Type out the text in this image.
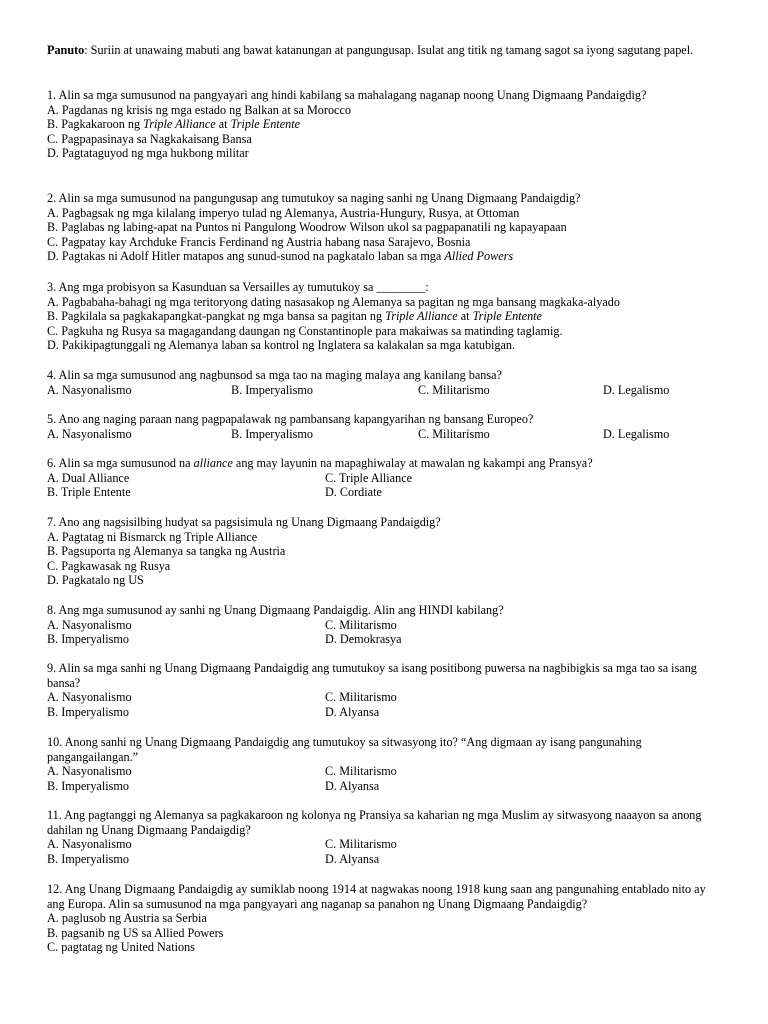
Panuto: Suriin at unawaing mabuti ang bawat katanungan at pangungusap. Isulat ang titik ng tamang sagot sa iyong sagutang papel.
1. Alin sa mga sumusunod na pangyayari ang hindi kabilang sa mahalagang naganap noong Unang Digmaang Pandaigdig?
A. Pagdanas ng krisis ng mga estado ng Balkan at sa Morocco
B. Pagkakaroon ng Triple Alliance at Triple Entente
C. Pagpapasinaya sa Nagkakaisang Bansa
D. Pagtataguyod ng mga hukbong militar
2. Alin sa mga sumusunod na pangungusap ang tumutukoy sa naging sanhi ng Unang Digmaang Pandaigdig?
A. Pagbagsak ng mga kilalang imperyo tulad ng Alemanya, Austria-Hungury, Rusya, at Ottoman
B. Paglabas ng labing-apat na Puntos ni Pangulong Woodrow Wilson ukol sa pagpapanatili ng kapayapaan
C. Pagpatay kay Archduke Francis Ferdinand ng Austria habang nasa Sarajevo, Bosnia
D. Pagtakas ni Adolf Hitler matapos ang sunud-sunod na pagkatalo laban sa mga Allied Powers
3. Ang mga probisyon sa Kasunduan sa Versailles ay tumutukoy sa ________:
A. Pagbabaha-bahagi ng mga teritoryong dating nasasakop ng Alemanya sa pagitan ng mga bansang magkaka-alyado
B. Pagkilala sa pagkakapangkat-pangkat ng mga bansa sa pagitan ng Triple Alliance at Triple Entente
C. Pagkuha ng Rusya sa magagandang daungan ng Constantinople para makaiwas sa matinding taglamig.
D. Pakikipagtunggali ng Alemanya laban sa kontrol ng Inglatera sa kalakalan sa mga katubigan.
4. Alin sa mga sumusunod ang nagbunsod sa mga tao na maging malaya ang kanilang bansa?
A. Nasyonalismo	B. Imperyalismo	C. Militarismo	D. Legalismo
5. Ano ang naging paraan nang pagpapalawak ng pambansang kapangyarihan ng bansang Europeo?
A. Nasyonalismo	B. Imperyalismo	C. Militarismo	D. Legalismo
6. Alin sa mga sumusunod na alliance ang may layunin na mapaghiwalay at mawalan ng kakampi ang Pransya?
A. Dual Alliance	C. Triple Alliance
B. Triple Entente	D. Cordiate
7. Ano ang nagsisilbing hudyat sa pagsisimula ng Unang Digmaang Pandaigdig?
A. Pagtatag ni Bismarck ng Triple Alliance
B. Pagsuporta ng Alemanya sa tangka ng Austria
C. Pagkawasak ng Rusya
D. Pagkatalo ng US
8. Ang mga sumusunod ay sanhi ng Unang Digmaang Pandaigdig. Alin ang HINDI kabilang?
A. Nasyonalismo	C. Militarismo
B. Imperyalismo	D. Demokrasya
9. Alin sa mga sanhi ng Unang Digmaang Pandaigdig ang tumutukoy sa isang positibong puwersa na nagbibigkis sa mga tao sa isang bansa?
A. Nasyonalismo	C. Militarismo
B. Imperyalismo	D. Alyansa
10. Anong sanhi ng Unang Digmaang Pandaigdig ang tumutukoy sa sitwasyong ito? “Ang digmaan ay isang pangunahing pangangailangan.”
A. Nasyonalismo	C. Militarismo
B. Imperyalismo	D. Alyansa
11. Ang pagtanggi ng Alemanya sa pagkakaroon ng kolonya ng Pransiya sa kaharian ng mga Muslim ay sitwasyong naaayon sa anong dahilan ng Unang Digmaang Pandaigdig?
A. Nasyonalismo	C. Militarismo
B. Imperyalismo	D. Alyansa
12. Ang Unang Digmaang Pandaigdig ay sumiklab noong 1914 at nagwakas noong 1918 kung saan ang pangunahing entablado nito ay ang Europa. Alin sa sumusunod na mga pangyayari ang naganap sa panahon ng Unang Digmaang Pandaigdig?
A. paglusob ng Austria sa Serbia
B. pagsanib ng US sa Allied Powers
C. pagtatag ng United Nations
